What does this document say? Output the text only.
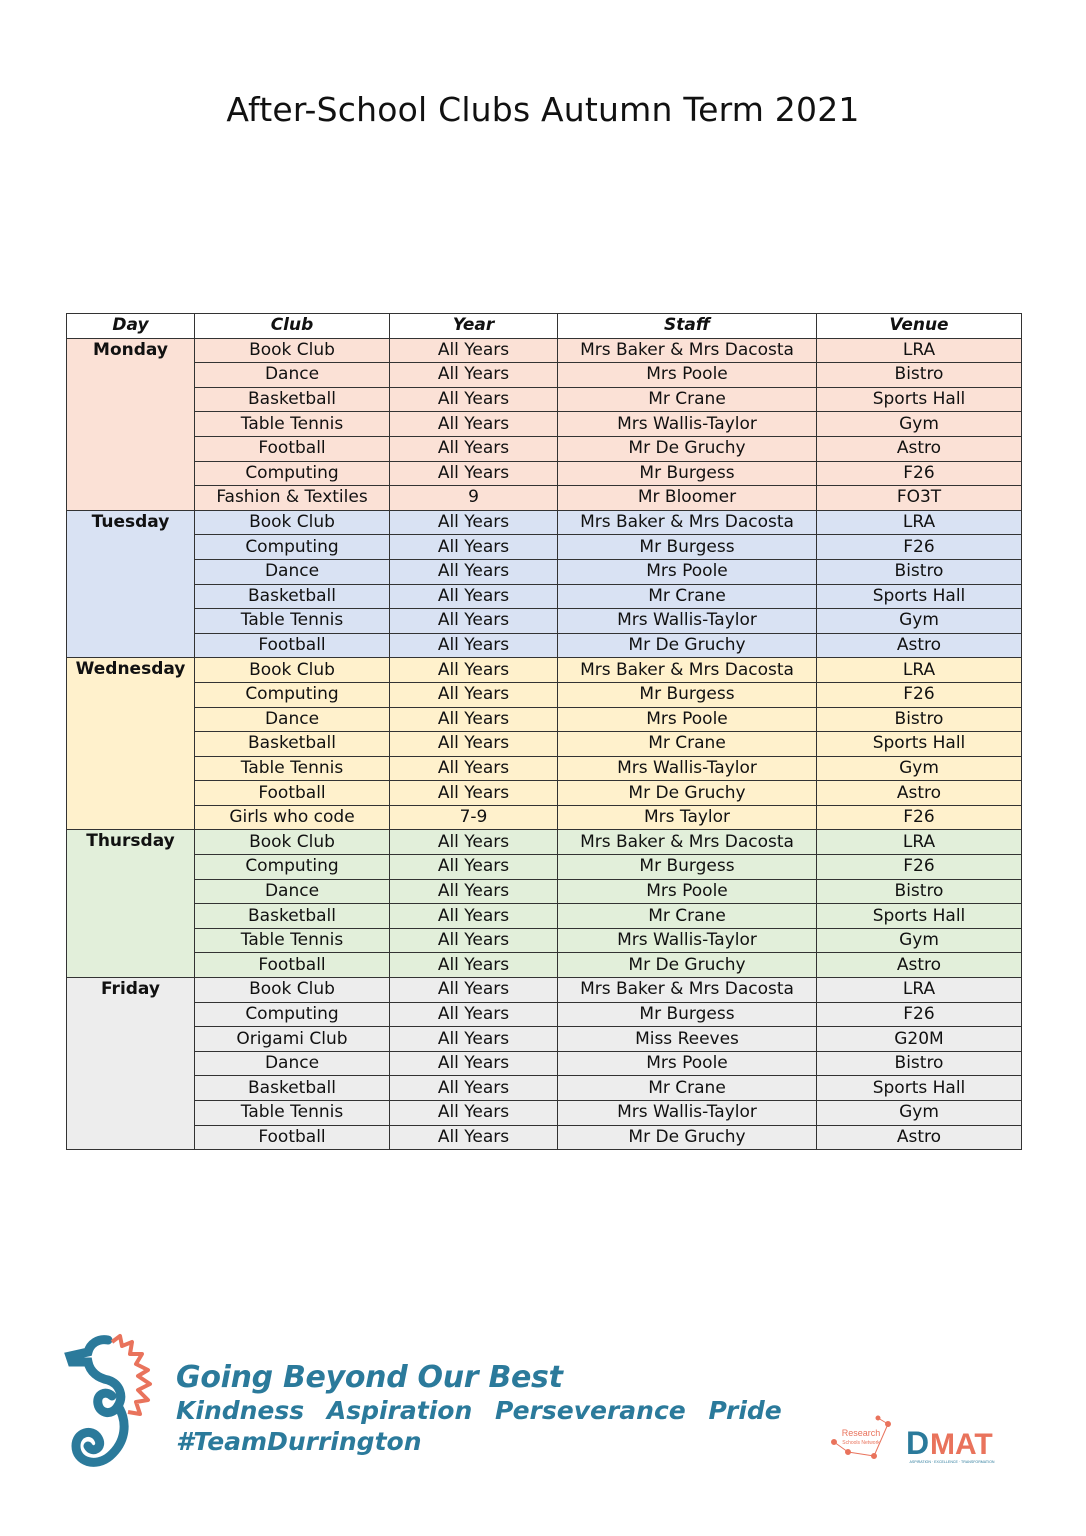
After-School Clubs Autumn Term 2021
Day	Club	Year	Staff	Venue
Monday	Book Club	All Years	Mrs Baker & Mrs Dacosta	LRA
	Dance	All Years	Mrs Poole	Bistro
	Basketball	All Years	Mr Crane	Sports Hall
	Table Tennis	All Years	Mrs Wallis-Taylor	Gym
	Football	All Years	Mr De Gruchy	Astro
	Computing	All Years	Mr Burgess	F26
	Fashion & Textiles	9	Mr Bloomer	FO3T
Tuesday	Book Club	All Years	Mrs Baker & Mrs Dacosta	LRA
	Computing	All Years	Mr Burgess	F26
	Dance	All Years	Mrs Poole	Bistro
	Basketball	All Years	Mr Crane	Sports Hall
	Table Tennis	All Years	Mrs Wallis-Taylor	Gym
	Football	All Years	Mr De Gruchy	Astro
Wednesday	Book Club	All Years	Mrs Baker & Mrs Dacosta	LRA
	Computing	All Years	Mr Burgess	F26
	Dance	All Years	Mrs Poole	Bistro
	Basketball	All Years	Mr Crane	Sports Hall
	Table Tennis	All Years	Mrs Wallis-Taylor	Gym
	Football	All Years	Mr De Gruchy	Astro
	Girls who code	7-9	Mrs Taylor	F26
Thursday	Book Club	All Years	Mrs Baker & Mrs Dacosta	LRA
	Computing	All Years	Mr Burgess	F26
	Dance	All Years	Mrs Poole	Bistro
	Basketball	All Years	Mr Crane	Sports Hall
	Table Tennis	All Years	Mrs Wallis-Taylor	Gym
	Football	All Years	Mr De Gruchy	Astro
Friday	Book Club	All Years	Mrs Baker & Mrs Dacosta	LRA
	Computing	All Years	Mr Burgess	F26
	Origami Club	All Years	Miss Reeves	G20M
	Dance	All Years	Mrs Poole	Bistro
	Basketball	All Years	Mr Crane	Sports Hall
	Table Tennis	All Years	Mrs Wallis-Taylor	Gym
	Football	All Years	Mr De Gruchy	Astro
Going Beyond Our Best
Kindness Aspiration Perseverance Pride
#TeamDurrington	Research
Schools Network D MAT
ASPIRATION · EXCELLENCE · TRANSFORMATION
